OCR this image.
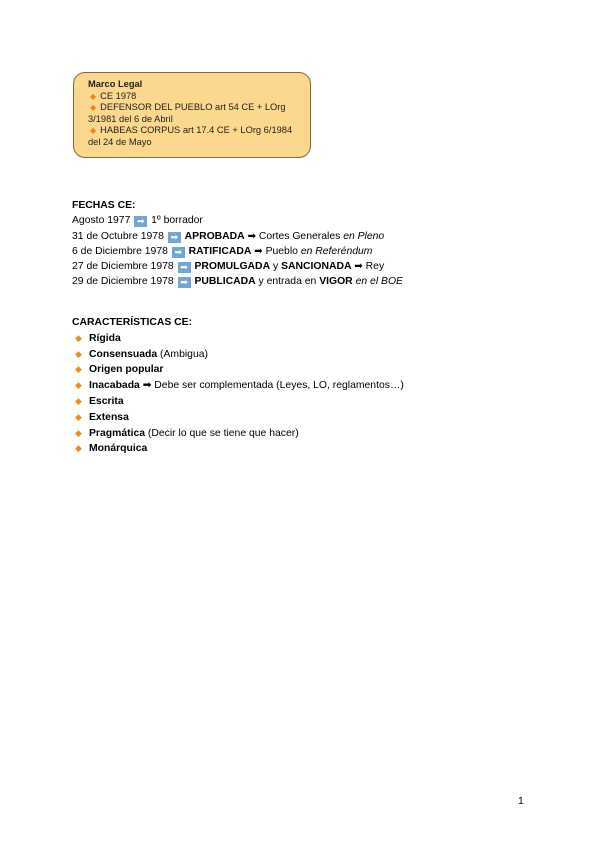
Marco Legal
◆ CE 1978
◆ DEFENSOR DEL PUEBLO art 54 CE + LOrg
3/1981 del 6 de Abril
◆ HABEAS CORPUS art 17.4 CE + LOrg 6/1984
del 24 de Mayo
FECHAS CE:
Agosto 1977 ➡ 1º borrador
31 de Octubre 1978 ➡ APROBADA ➡ Cortes Generales en Pleno
6 de Diciembre 1978 ➡ RATIFICADA ➡ Pueblo en Referéndum
27 de Diciembre 1978 ➡ PROMULGADA y SANCIONADA ➡ Rey
29 de Diciembre 1978 ➡ PUBLICADA y entrada en VIGOR en el BOE
CARACTERÍSTICAS CE:
◆ Rígida
◆ Consensuada (Ambigua)
◆ Origen popular
◆ Inacabada ➡ Debe ser complementada (Leyes, LO, reglamentos…)
◆ Escrita
◆ Extensa
◆ Pragmática (Decir lo que se tiene que hacer)
◆ Monárquica
1
